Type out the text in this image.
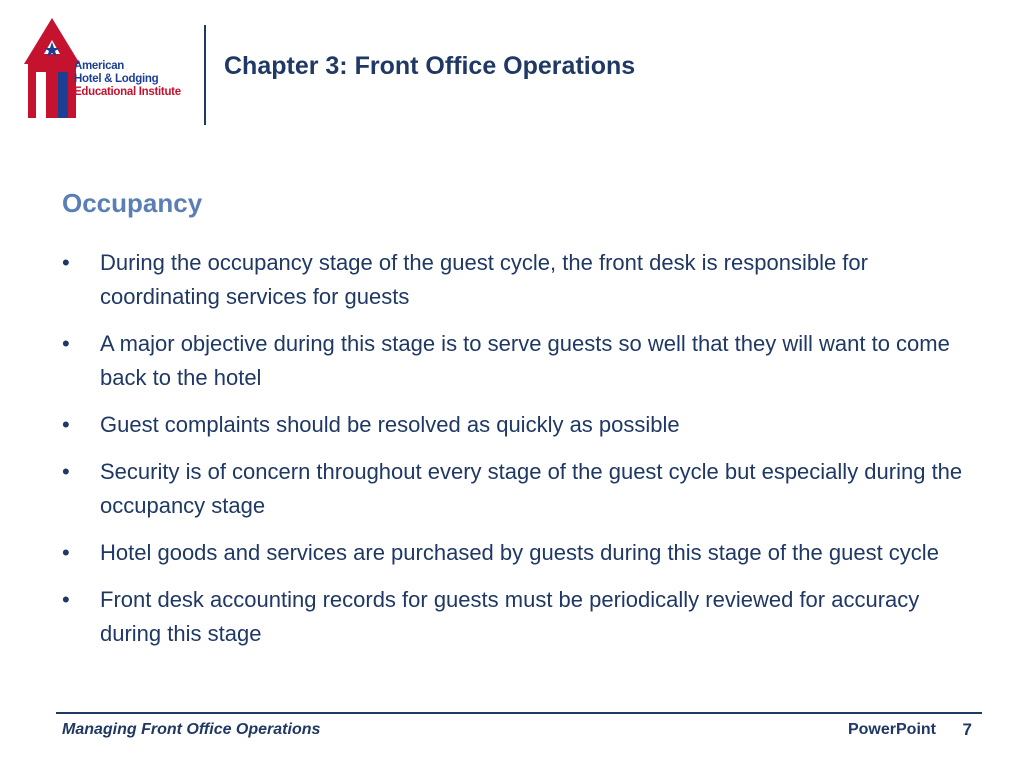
American
Hotel & Lodging
Educational Institute
Chapter 3: Front Office Operations
Occupancy
• During the occupancy stage of the guest cycle, the front desk is responsible for coordinating services for guests
• A major objective during this stage is to serve guests so well that they will want to come back to the hotel
• Guest complaints should be resolved as quickly as possible
• Security is of concern throughout every stage of the guest cycle but especially during the occupancy stage
• Hotel goods and services are purchased by guests during this stage of the guest cycle
• Front desk accounting records for guests must be periodically reviewed for accuracy during this stage
Managing Front Office Operations	PowerPoint 7
